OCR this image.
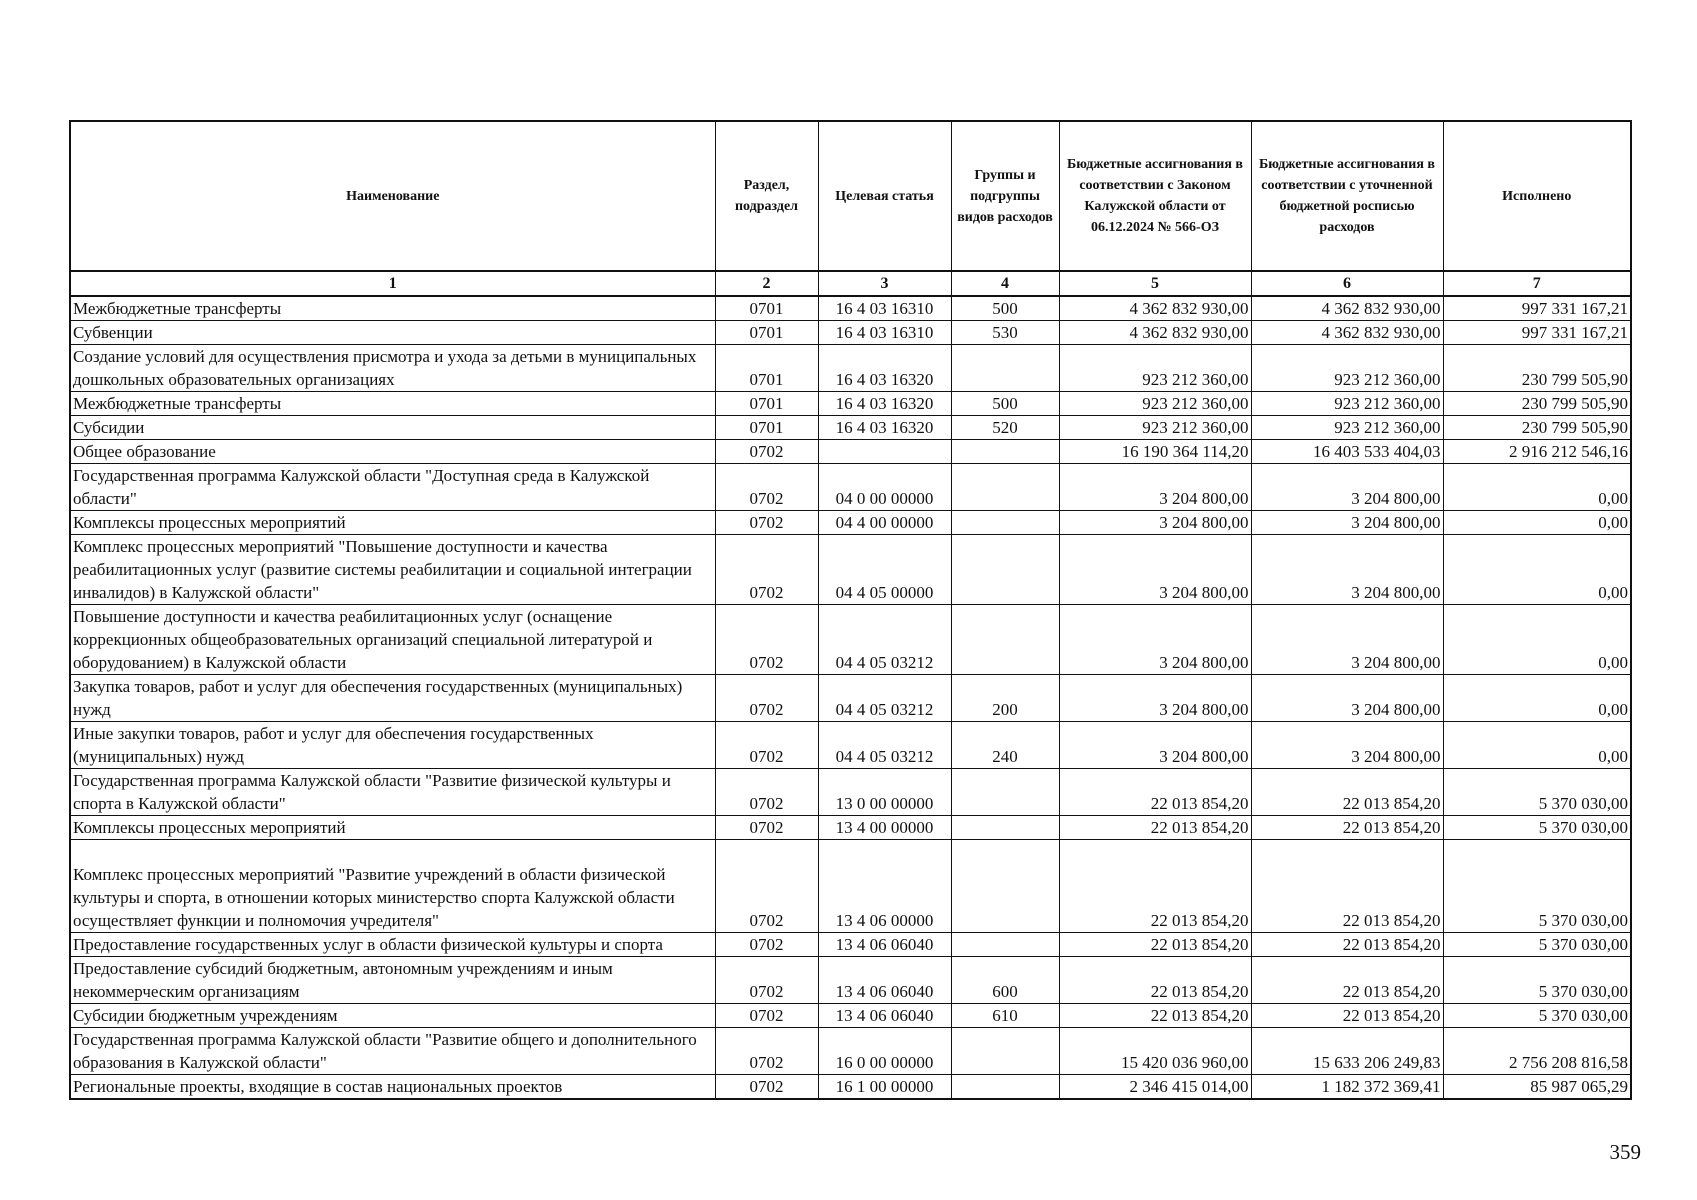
Наименование	Раздел, подраздел	Целевая статья	Группы и подгруппы видов расходов	Бюджетные ассигнования в соответствии с Законом Калужской области от 06.12.2024 № 566-ОЗ	Бюджетные ассигнования в соответствии с уточненной бюджетной росписью расходов	Исполнено
1	2	3	4	5	6	7
Межбюджетные трансферты	0701	16 4 03 16310	500	4 362 832 930,00	4 362 832 930,00	997 331 167,21
Субвенции	0701	16 4 03 16310	530	4 362 832 930,00	4 362 832 930,00	997 331 167,21
Создание условий для осуществления присмотра и ухода за детьми в муниципальных дошкольных образовательных организациях	0701	16 4 03 16320		923 212 360,00	923 212 360,00	230 799 505,90
Межбюджетные трансферты	0701	16 4 03 16320	500	923 212 360,00	923 212 360,00	230 799 505,90
Субсидии	0701	16 4 03 16320	520	923 212 360,00	923 212 360,00	230 799 505,90
Общее образование	0702			16 190 364 114,20	16 403 533 404,03	2 916 212 546,16
Государственная программа Калужской области "Доступная среда в Калужской области"	0702	04 0 00 00000		3 204 800,00	3 204 800,00	0,00
Комплексы процессных мероприятий	0702	04 4 00 00000		3 204 800,00	3 204 800,00	0,00
Комплекс процессных мероприятий "Повышение доступности и качества реабилитационных услуг (развитие системы реабилитации и социальной интеграции инвалидов) в Калужской области"	0702	04 4 05 00000		3 204 800,00	3 204 800,00	0,00
Повышение доступности и качества реабилитационных услуг (оснащение коррекционных общеобразовательных организаций специальной литературой и оборудованием) в Калужской области	0702	04 4 05 03212		3 204 800,00	3 204 800,00	0,00
Закупка товаров, работ и услуг для обеспечения государственных (муниципальных) нужд	0702	04 4 05 03212	200	3 204 800,00	3 204 800,00	0,00
Иные закупки товаров, работ и услуг для обеспечения государственных (муниципальных) нужд	0702	04 4 05 03212	240	3 204 800,00	3 204 800,00	0,00
Государственная программа Калужской области "Развитие физической культуры и спорта в Калужской области"	0702	13 0 00 00000		22 013 854,20	22 013 854,20	5 370 030,00
Комплексы процессных мероприятий	0702	13 4 00 00000		22 013 854,20	22 013 854,20	5 370 030,00
Комплекс процессных мероприятий "Развитие учреждений в области физической культуры и спорта, в отношении которых министерство спорта Калужской области осуществляет функции и полномочия учредителя"	0702	13 4 06 00000		22 013 854,20	22 013 854,20	5 370 030,00
Предоставление государственных услуг в области физической культуры и спорта	0702	13 4 06 06040		22 013 854,20	22 013 854,20	5 370 030,00
Предоставление субсидий бюджетным, автономным учреждениям и иным некоммерческим организациям	0702	13 4 06 06040	600	22 013 854,20	22 013 854,20	5 370 030,00
Субсидии бюджетным учреждениям	0702	13 4 06 06040	610	22 013 854,20	22 013 854,20	5 370 030,00
Государственная программа Калужской области "Развитие общего и дополнительного образования в Калужской области"	0702	16 0 00 00000		15 420 036 960,00	15 633 206 249,83	2 756 208 816,58
Региональные проекты, входящие в состав национальных проектов	0702	16 1 00 00000		2 346 415 014,00	1 182 372 369,41	85 987 065,29
359
